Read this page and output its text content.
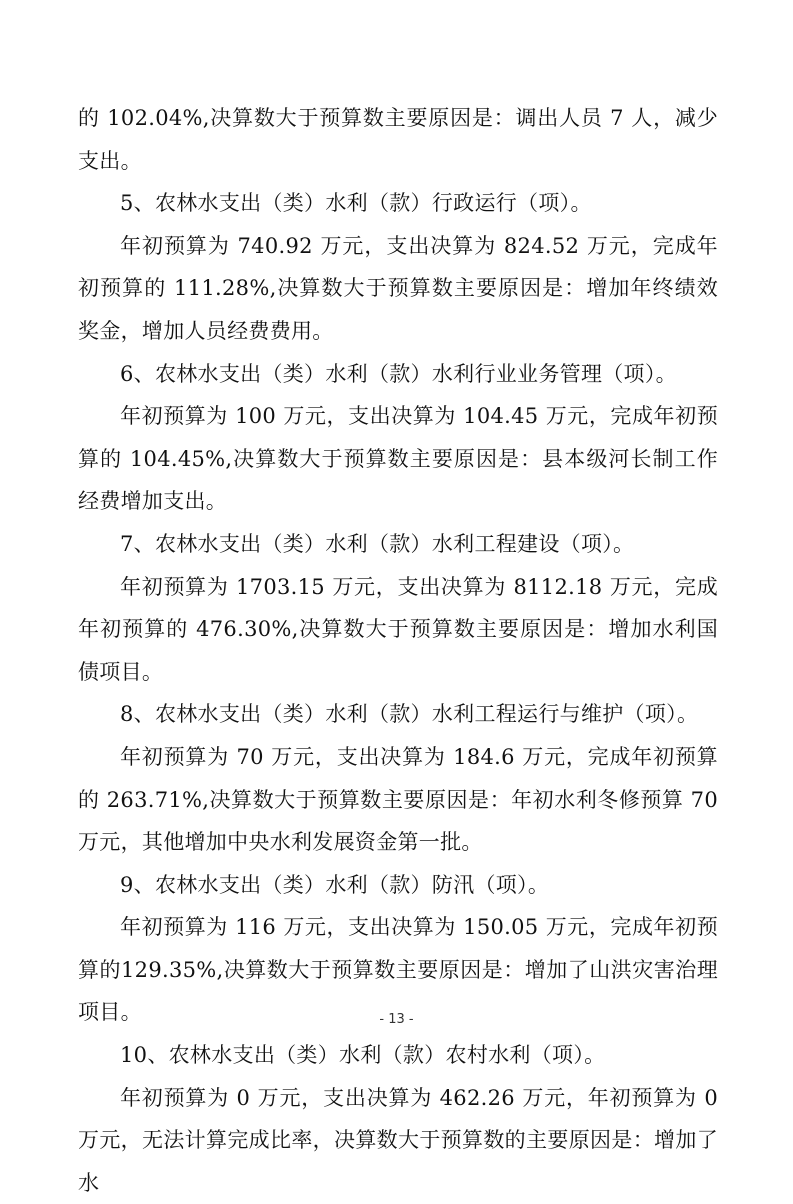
的 102.04%,决算数大于预算数主要原因是：调出人员 7 人，减少支出。

5、农林水支出（类）水利（款）行政运行（项）。

年初预算为 740.92 万元，支出决算为 824.52 万元，完成年初预算的 111.28%,决算数大于预算数主要原因是：增加年终绩效奖金，增加人员经费费用。

6、农林水支出（类）水利（款）水利行业业务管理（项）。

年初预算为 100 万元，支出决算为 104.45 万元，完成年初预算的 104.45%,决算数大于预算数主要原因是：县本级河长制工作经费增加支出。

7、农林水支出（类）水利（款）水利工程建设（项）。

年初预算为 1703.15 万元，支出决算为 8112.18 万元，完成年初预算的 476.30%,决算数大于预算数主要原因是：增加水利国债项目。

8、农林水支出（类）水利（款）水利工程运行与维护（项）。

年初预算为 70 万元，支出决算为 184.6 万元，完成年初预算的 263.71%,决算数大于预算数主要原因是：年初水利冬修预算 70 万元，其他增加中央水利发展资金第一批。

9、农林水支出（类）水利（款）防汛（项）。

年初预算为 116 万元，支出决算为 150.05 万元，完成年初预算的129.35%,决算数大于预算数主要原因是：增加了山洪灾害治理项目。

10、农林水支出（类）水利（款）农村水利（项）。

年初预算为 0 万元，支出决算为 462.26 万元，年初预算为 0 万元，无法计算完成比率，决算数大于预算数的主要原因是：增加了水

- 13 -
